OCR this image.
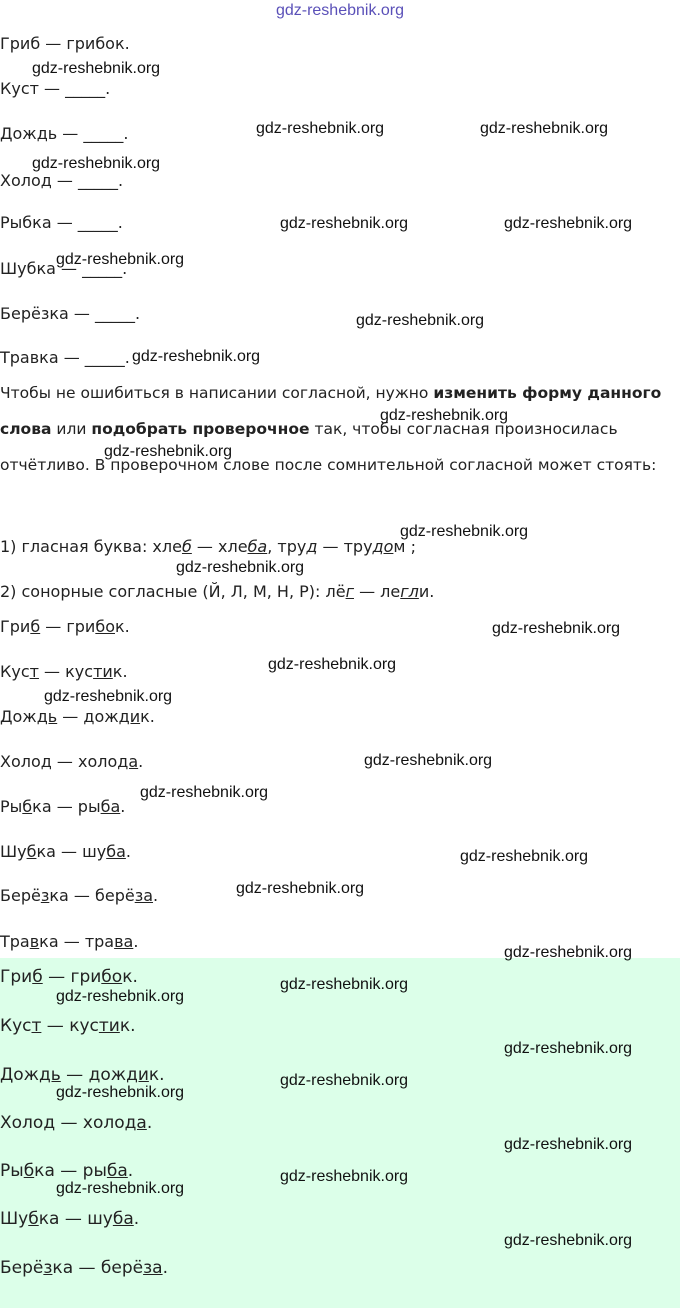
gdz-reshebnik.org
Гриб — грибок.
Куст — _____.
Дождь — _____.
Холод — _____.
Рыбка — _____.
Шубка — _____.
Берёзка — _____.
Травка — _____.
Чтобы не ошибиться в написании согласной, нужно изменить форму данного слова или подобрать проверочное так, чтобы согласная произносилась отчётливо. В проверочном слове после сомнительной согласной может стоять:
1) гласная буква: хлеб — хлеба, труд — трудом ;
2) сонорные согласные (Й, Л, М, Н, Р): лёг — легли.
Гриб — грибок.
Куст — кустик.
Дождь — дождик.
Холод — холода.
Рыбка — рыба.
Шубка — шуба.
Берёзка — берёза.
Травка — трава.
Гриб — грибок.
Куст — кустик.
Дождь — дождик.
Холод — холода.
Рыбка — рыба.
Шубка — шуба.
Берёзка — берёза.
gdz-reshebnik.org
gdz-reshebnik.org	gdz-reshebnik.org
gdz-reshebnik.org
gdz-reshebnik.org	gdz-reshebnik.org
gdz-reshebnik.org
gdz-reshebnik.org
gdz-reshebnik.org
gdz-reshebnik.org
gdz-reshebnik.org
gdz-reshebnik.org
gdz-reshebnik.org
gdz-reshebnik.org
gdz-reshebnik.org
gdz-reshebnik.org
gdz-reshebnik.org
gdz-reshebnik.org
gdz-reshebnik.org
gdz-reshebnik.org
gdz-reshebnik.org
gdz-reshebnik.org
gdz-reshebnik.org
gdz-reshebnik.org
gdz-reshebnik.org
gdz-reshebnik.org
gdz-reshebnik.org
gdz-reshebnik.org
gdz-reshebnik.org
gdz-reshebnik.org
